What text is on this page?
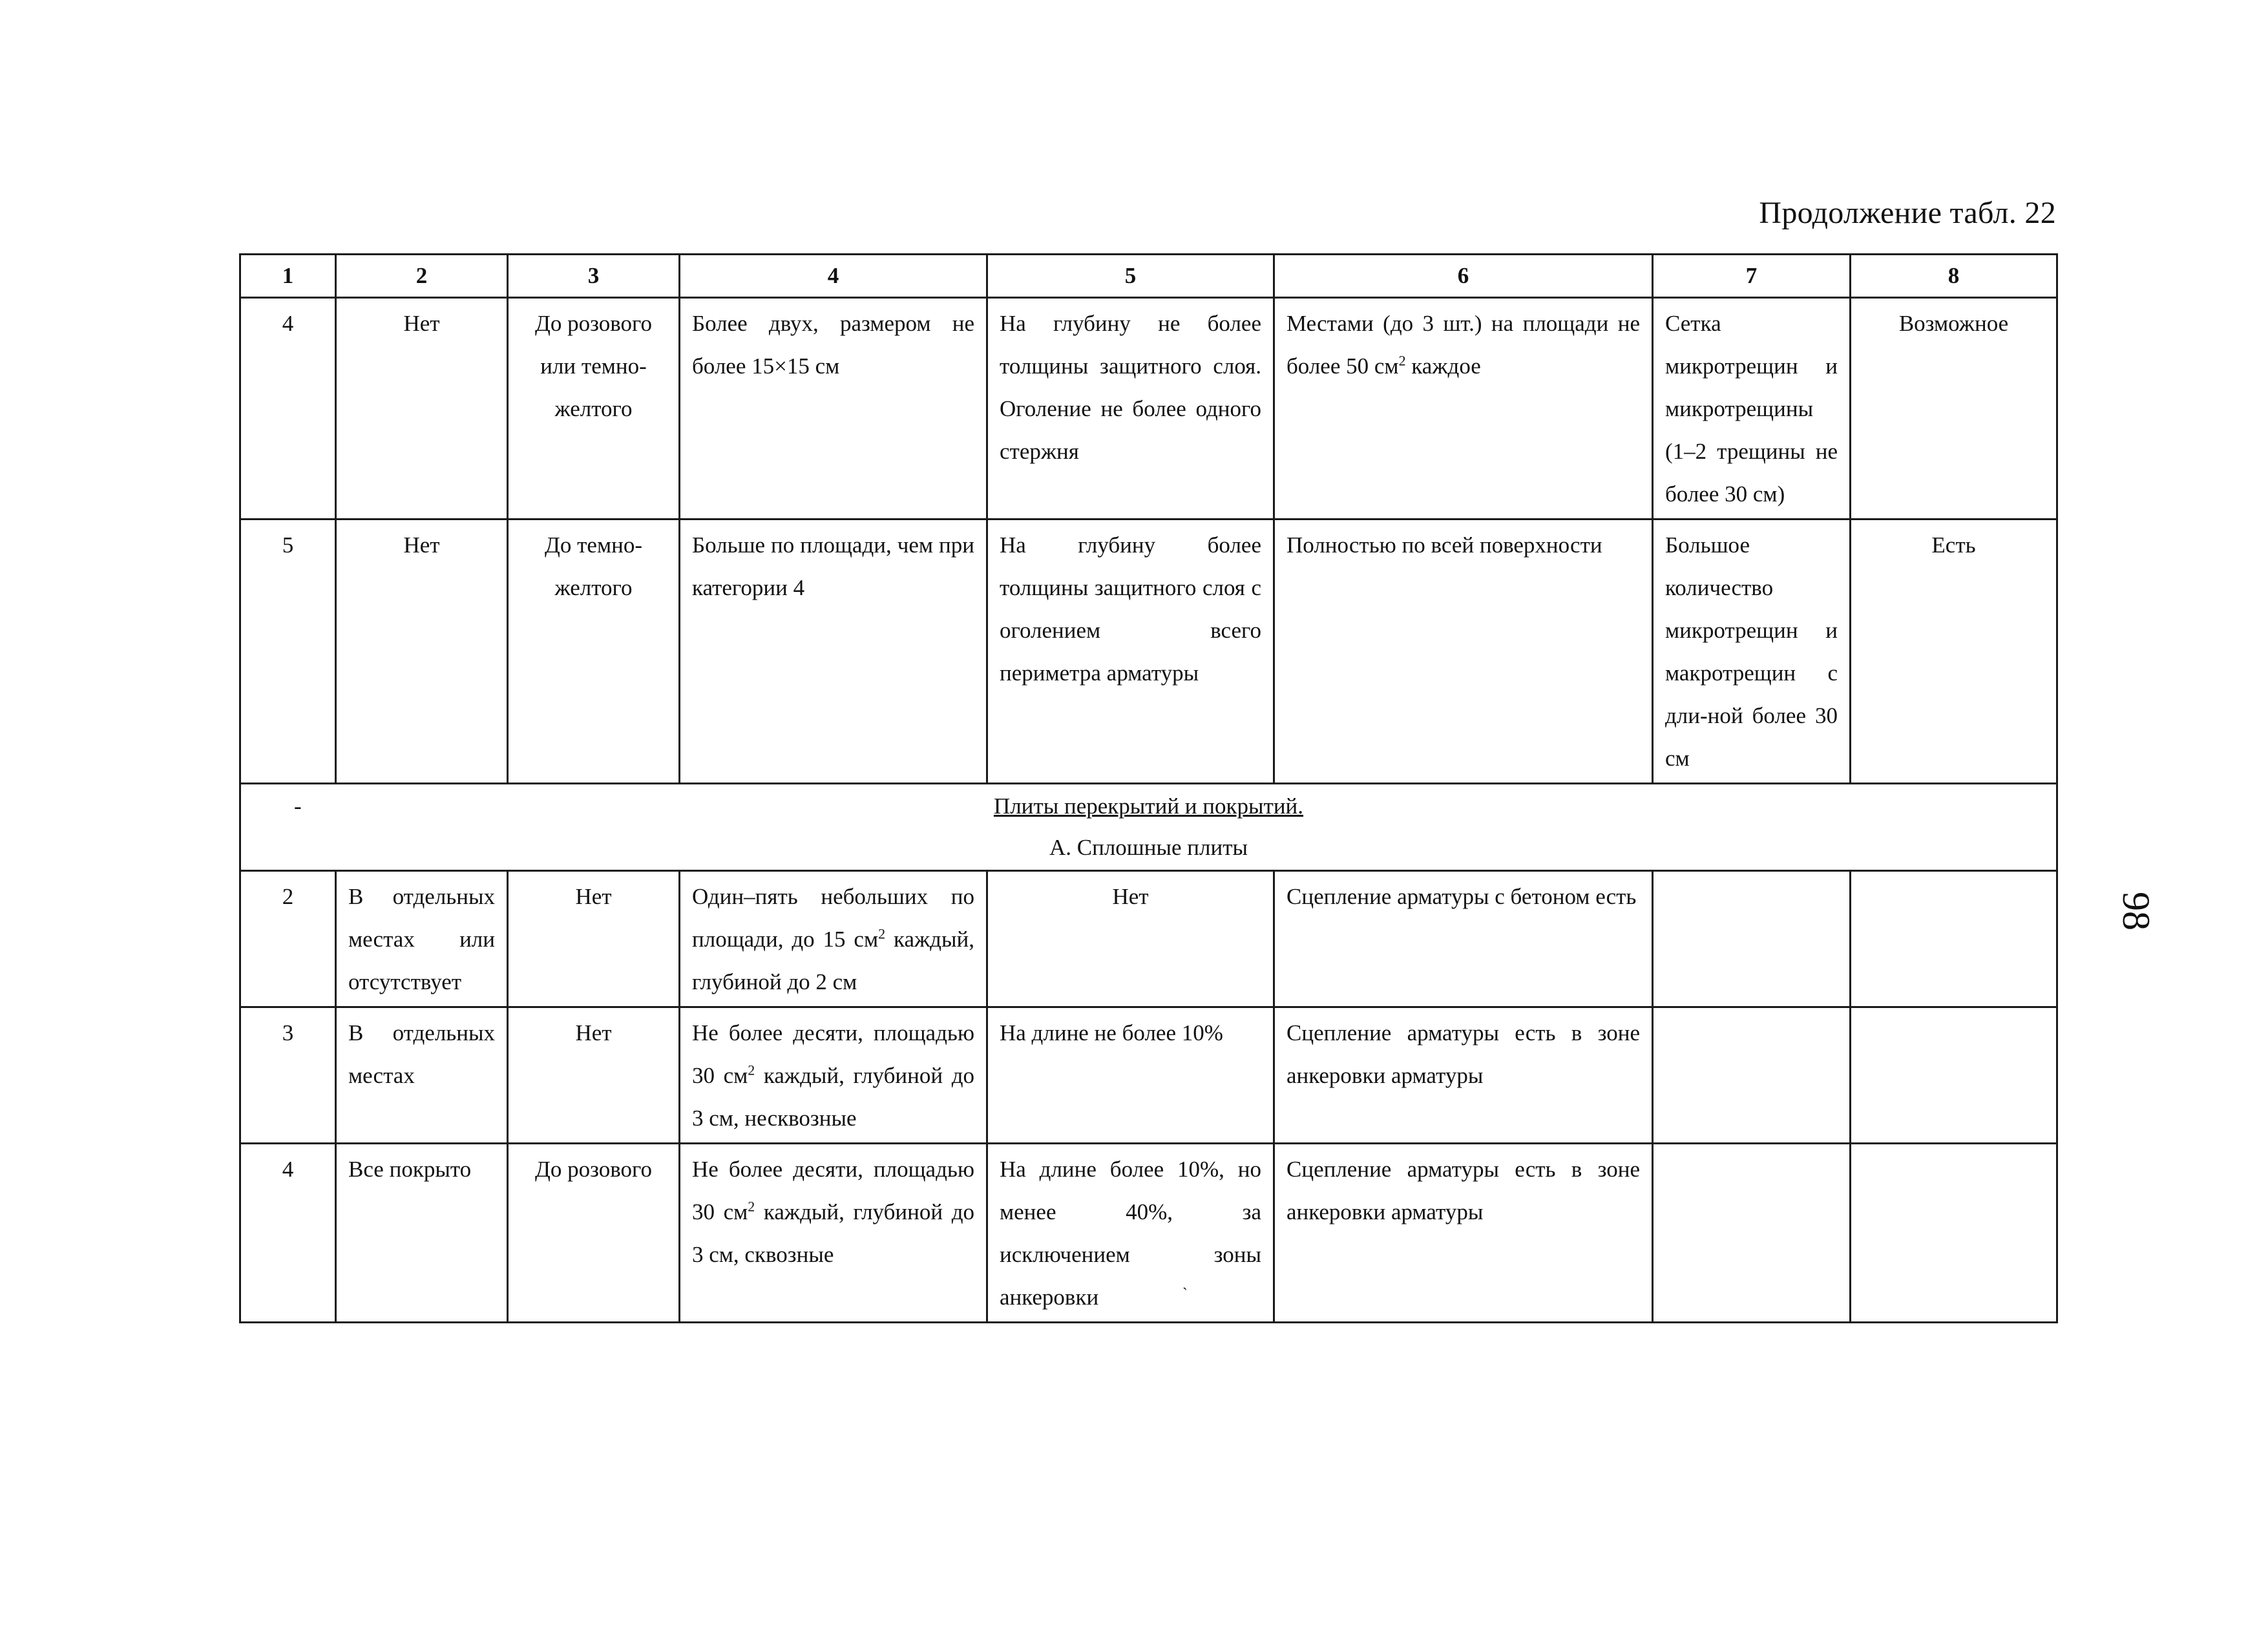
Продолжение табл. 22
1	2	3	4	5	6	7	8
4	Нет	До розового или темно-желтого	Более двух, размером не более 15×15 см	На глубину не более толщины защитного слоя. Оголение не более одного стержня	Местами (до 3 шт.) на площади не более 50 $см^2$ каждое	Сетка микротрещин и микротрещины (1–2 трещины не более 30 см)	Возможное
5	Нет	До темно-желтого	Больше по площади, чем при категории 4	На глубину более толщины защитного слоя с оголением всего периметра арматуры	Полностью по всей поверхности	Большое количество микротрещин и макротрещин с дли-ной более 30 см	Есть

- Плиты перекрытий и покрытий.
А. Сплошные плиты							

2	В отдельных местах или отсутствует	Нет	Один–пять небольших по площади, до 15 $см^2$ каждый, глубиной до 2 см	Нет	Сцепление арматуры с бетоном есть		
3	В отдельных местах	Нет	Не более десяти, площадью 30 $см^2$ каждый, глубиной до 3 см, несквозные	На длине не более 10%	Сцепление арматуры есть в зоне анкеровки арматуры		
4	Все покрыто	До розового	Не более десяти, площадью 30 $см^2$ каждый, глубиной до 3 см, сквозные	На длине более 10%, но менее 40%, за исключением зоны анкеровки	Сцепление арматуры есть в зоне анкеровки арматуры		
98
`
